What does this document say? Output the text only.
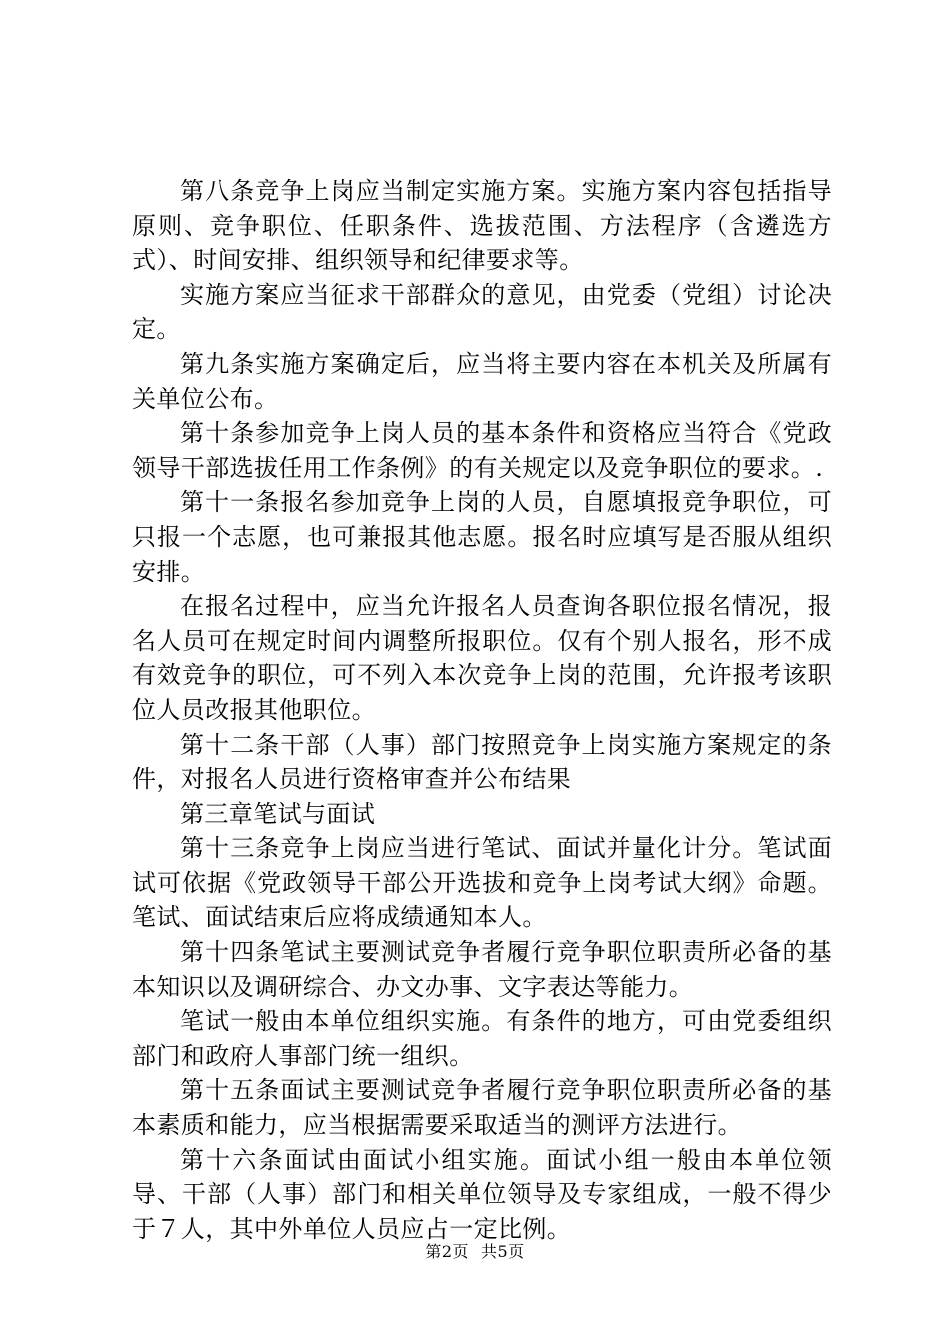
第八条竞争上岗应当制定实施方案。实施方案内容包括指导原则、竞争职位、任职条件、选拔范围、方法程序（含遴选方式）、时间安排、组织领导和纪律要求等。

实施方案应当征求干部群众的意见，由党委（党组）讨论决定。

第九条实施方案确定后，应当将主要内容在本机关及所属有关单位公布。

第十条参加竞争上岗人员的基本条件和资格应当符合《党政领导干部选拔任用工作条例》的有关规定以及竞争职位的要求。.

第十一条报名参加竞争上岗的人员，自愿填报竞争职位，可只报一个志愿，也可兼报其他志愿。报名时应填写是否服从组织安排。

在报名过程中，应当允许报名人员查询各职位报名情况，报名人员可在规定时间内调整所报职位。仅有个别人报名，形不成有效竞争的职位，可不列入本次竞争上岗的范围，允许报考该职位人员改报其他职位。

第十二条干部（人事）部门按照竞争上岗实施方案规定的条件，对报名人员进行资格审查并公布结果

第三章笔试与面试

第十三条竞争上岗应当进行笔试、面试并量化计分。笔试面试可依据《党政领导干部公开选拔和竞争上岗考试大纲》命题。笔试、面试结束后应将成绩通知本人。

第十四条笔试主要测试竞争者履行竞争职位职责所必备的基本知识以及调研综合、办文办事、文字表达等能力。

笔试一般由本单位组织实施。有条件的地方，可由党委组织部门和政府人事部门统一组织。

第十五条面试主要测试竞争者履行竞争职位职责所必备的基本素质和能力，应当根据需要采取适当的测评方法进行。

第十六条面试由面试小组实施。面试小组一般由本单位领导、干部（人事）部门和相关单位领导及专家组成，一般不得少于７人，其中外单位人员应占一定比例。

第2页 共5页
